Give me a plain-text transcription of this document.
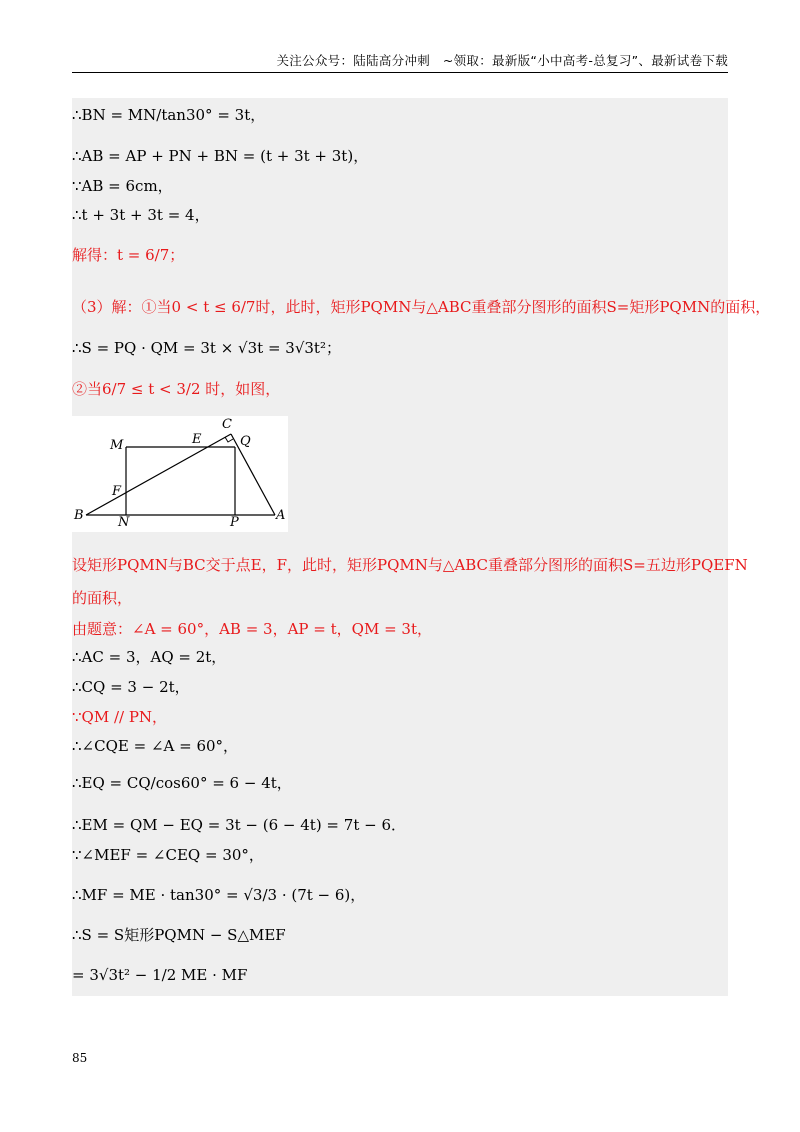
关注公众号：陆陆高分冲刺　~领取：最新版“小中高考-总复习”、最新试卷下载
∴BN = MN/tan30° = 3t，
∴AB = AP + PN + BN = (t + 3t + 3t)，
∵AB = 6cm，
∴t + 3t + 3t = 4，
解得：t = 6/7；
（3）解：①当0 < t ≤ 6/7时，此时，矩形PQMN与△ABC重叠部分图形的面积S=矩形PQMN的面积，
∴S = PQ · QM = 3t × √3t = 3√3t²；
②当6/7 ≤ t < 3/2 时，如图，
C
M	E	Q
F
B	N	P	A
设矩形PQMN与BC交于点E，F，此时，矩形PQMN与△ABC重叠部分图形的面积S=五边形PQEFN
的面积，
由题意：∠A = 60°，AB = 3，AP = t，QM = 3t，
∴AC = 3，AQ = 2t，
∴CQ = 3 − 2t，
∵QM // PN，
∴∠CQE = ∠A = 60°，
∴EQ = CQ/cos60° = 6 − 4t，
∴EM = QM − EQ = 3t − (6 − 4t) = 7t − 6．
∵∠MEF = ∠CEQ = 30°，
∴MF = ME · tan30° = √3/3 · (7t − 6)，
∴S = S矩形PQMN − S△MEF
= 3√3t² − 1/2 ME · MF
85
